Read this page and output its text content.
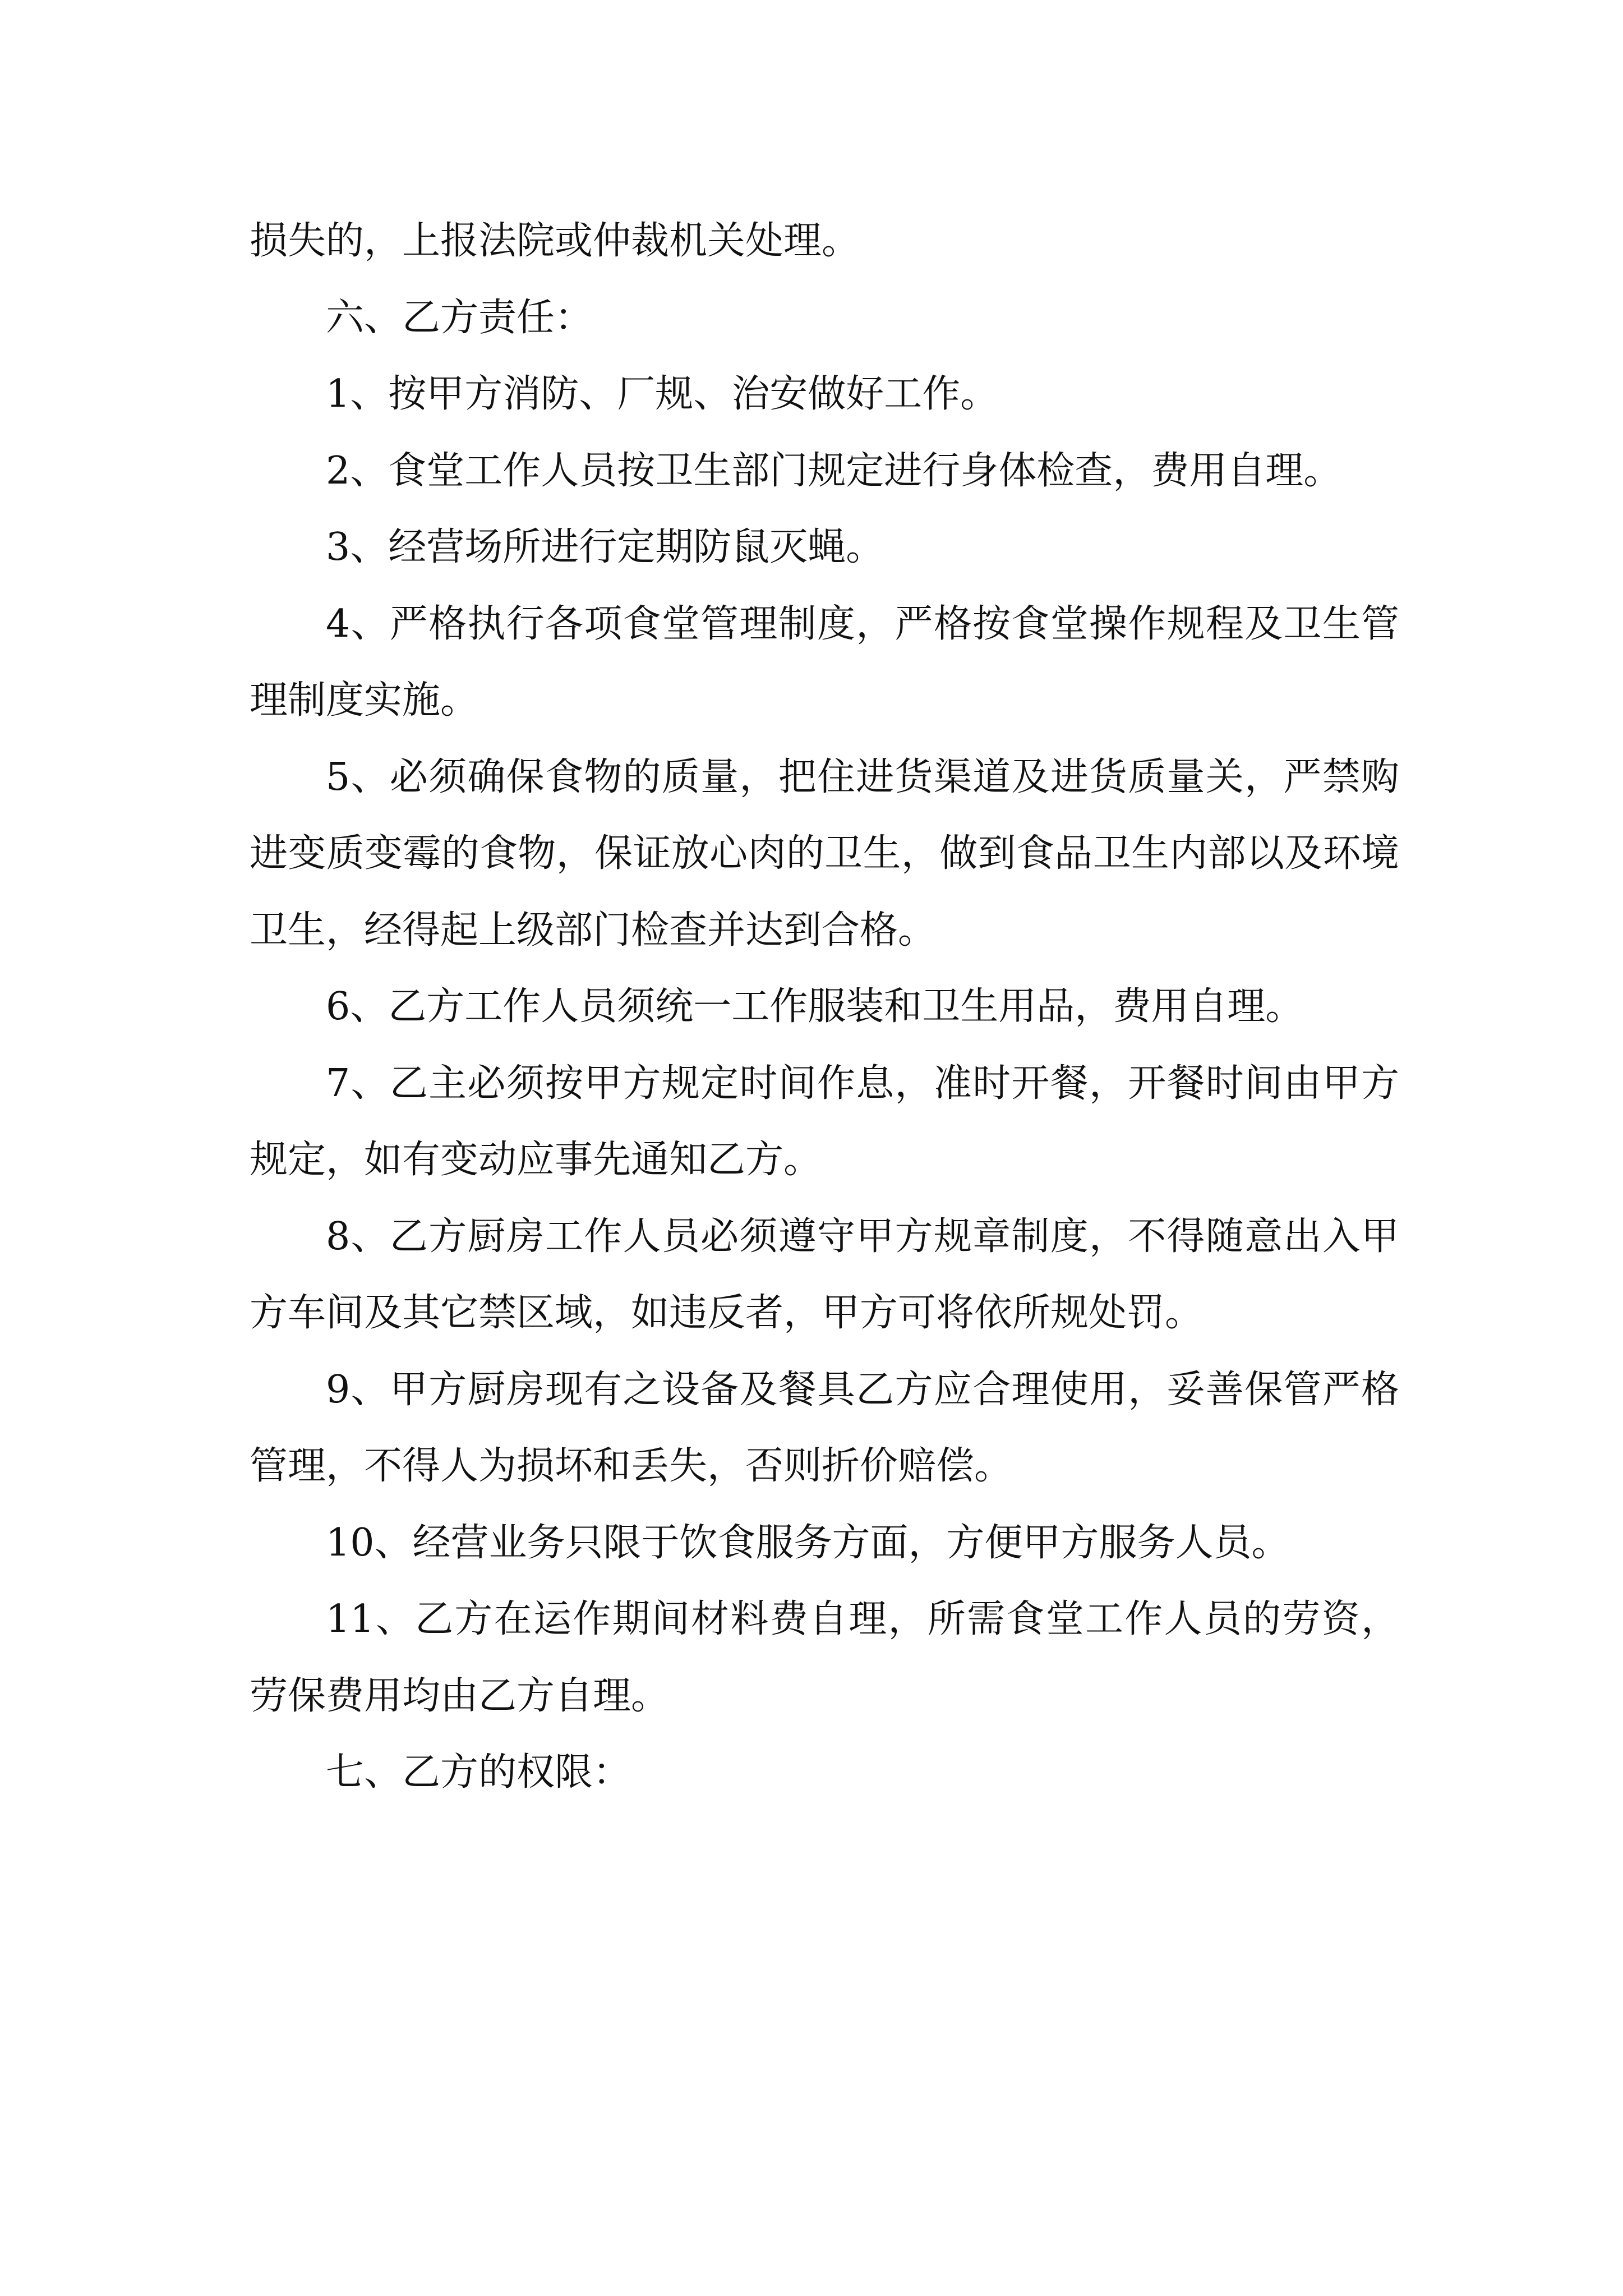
损失的，上报法院或仲裁机关处理。

六、乙方责任：

1、按甲方消防、厂规、治安做好工作。

2、食堂工作人员按卫生部门规定进行身体检查，费用自理。

3、经营场所进行定期防鼠灭蝇。

4、严格执行各项食堂管理制度，严格按食堂操作规程及卫生管理制度实施。

5、必须确保食物的质量，把住进货渠道及进货质量关，严禁购进变质变霉的食物，保证放心肉的卫生，做到食品卫生内部以及环境卫生，经得起上级部门检查并达到合格。

6、乙方工作人员须统一工作服装和卫生用品，费用自理。

7、乙主必须按甲方规定时间作息，准时开餐，开餐时间由甲方规定，如有变动应事先通知乙方。

8、乙方厨房工作人员必须遵守甲方规章制度，不得随意出入甲方车间及其它禁区域，如违反者，甲方可将依所规处罚。

9、甲方厨房现有之设备及餐具乙方应合理使用，妥善保管严格管理，不得人为损坏和丢失，否则折价赔偿。

10、经营业务只限于饮食服务方面，方便甲方服务人员。

11、乙方在运作期间材料费自理，所需食堂工作人员的劳资，劳保费用均由乙方自理。

七、乙方的权限：
